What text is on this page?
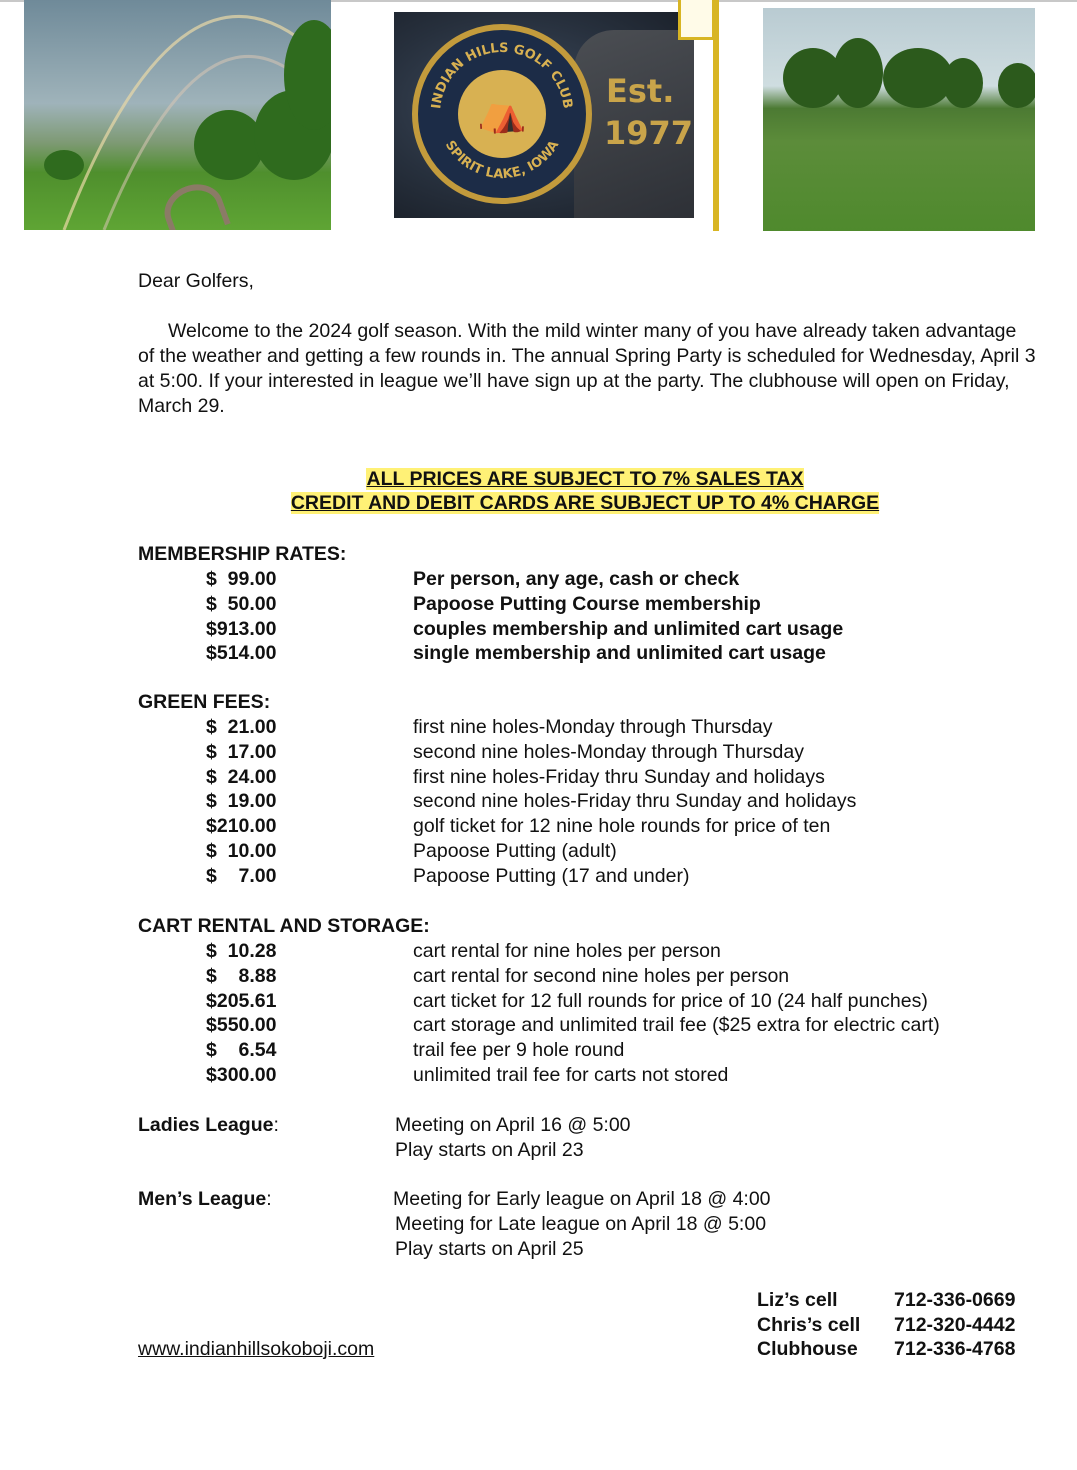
INDIAN HILLS GOLF CLUB
SPIRIT LAKE, IOWA
⛺	Est.
1977
Dear Golfers,
Welcome to the 2024 golf season. With the mild winter many of you have already taken advantage of the weather and getting a few rounds in. The annual Spring Party is scheduled for Wednesday, April 3 at 5:00. If your interested in league we’ll have sign up at the party. The clubhouse will open on Friday, March 29.
ALL PRICES ARE SUBJECT TO 7% SALES TAX
CREDIT AND DEBIT CARDS ARE SUBJECT UP TO 4% CHARGE
MEMBERSHIP RATES:
$  99.00	Per person, any age, cash or check
$  50.00	Papoose Putting Course membership
$913.00	couples membership and unlimited cart usage
$514.00	single membership and unlimited cart usage
GREEN FEES:
$  21.00	first nine holes-Monday through Thursday
$  17.00	second nine holes-Monday through Thursday
$  24.00	first nine holes-Friday thru Sunday and holidays
$  19.00	second nine holes-Friday thru Sunday and holidays
$210.00	golf ticket for 12 nine hole rounds for price of ten
$  10.00	Papoose Putting (adult)
$    7.00	Papoose Putting (17 and under)
CART RENTAL AND STORAGE:
$  10.28	cart rental for nine holes per person
$    8.88	cart rental for second nine holes per person
$205.61	cart ticket for 12 full rounds for price of 10 (24 half punches)
$550.00	cart storage and unlimited trail fee ($25 extra for electric cart)
$    6.54	trail fee per 9 hole round
$300.00	unlimited trail fee for carts not stored
Ladies League:	Meeting on April 16 @ 5:00
Play starts on April 23
Men’s League:	Meeting for Early league on April 18 @ 4:00
Meeting for Late league on April 18 @ 5:00
Play starts on April 25
www.indianhillsokoboji.com
Liz’s cell	712-336-0669
Chris’s cell 712-320-4442
Clubhouse 712-336-4768
